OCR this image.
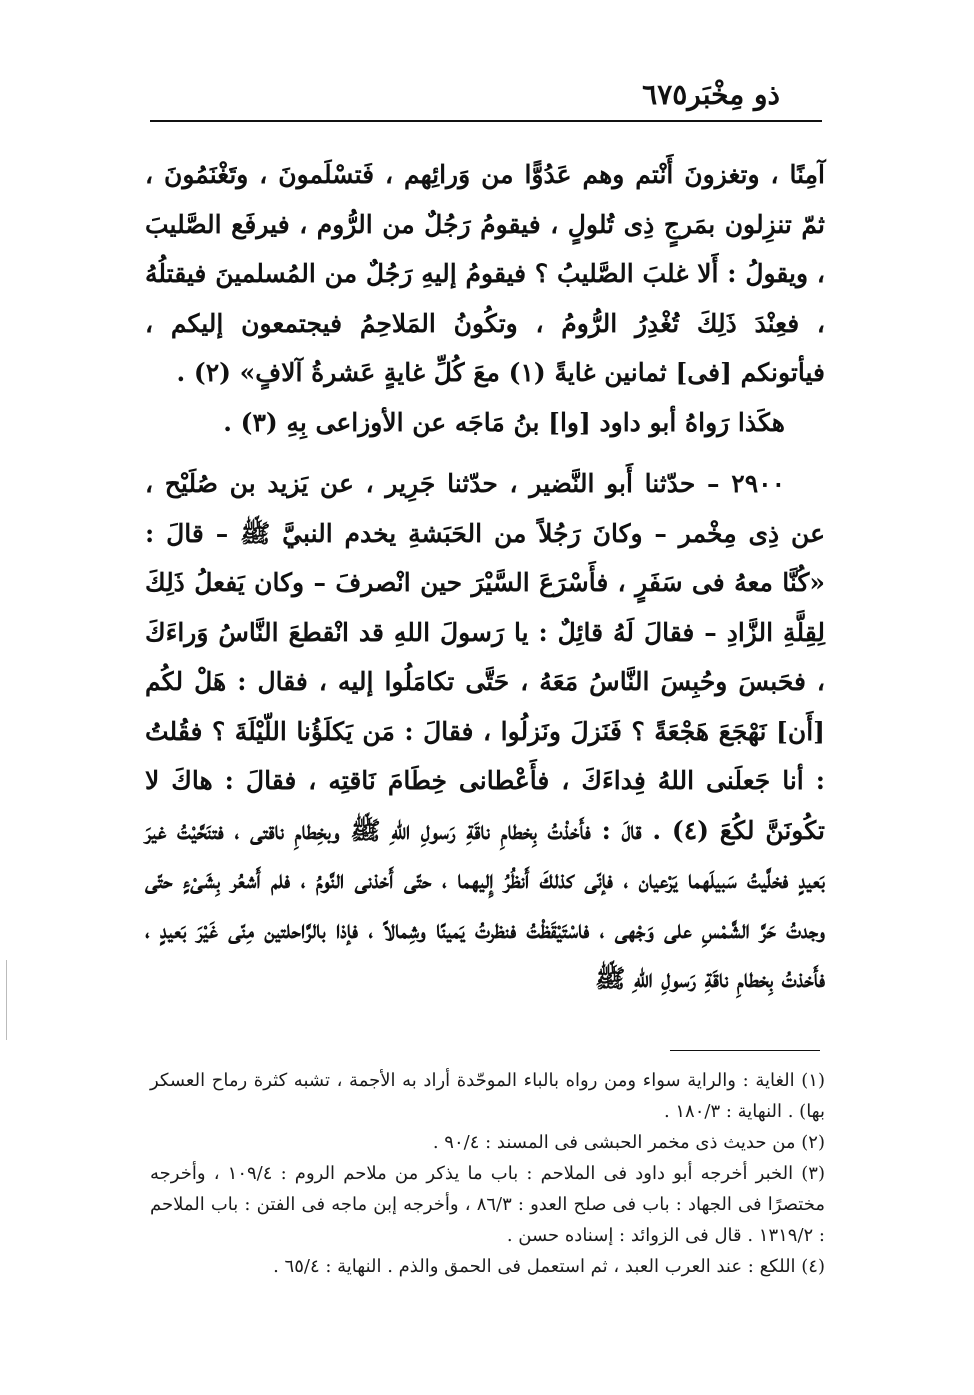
ذو مِخْبَر
٦٧٥

آمِنًا ، وتغزونَ أَنْتم وهم عَدُوًّا من وَرائِهم ، فَتسْلَمونَ ، وتَغْنَمُونَ ، ثمّ تنزِلون بمَرجٍ ذِى تُلولٍ ، فيقومُ رَجُلٌ من الرُّوم ، فيرفَع الصَّليبَ ، ويقولُ : أَلا غلبَ الصَّليبُ ؟ فيقومُ إليهِ رَجُلٌ من المُسلمينَ فيقتلُهُ ، فعِنْدَ ذَلِكَ تُغْدِرُ الرُّومُ ، وتكُونُ المَلاحِمُ فيجتمعون إليكم ، فيأتونكم [فى] ثمانين غايةً (١) معَ كُلِّ غايةٍ عَشرةُ آلافٍ» (٢) .

هكَذا رَواهُ أبو داود [وا] بنُ مَاجَه عن الأوزاعى بِهِ (٣) .

٢٩٠٠ – حدّثنا أَبو النَّضير ، حدّثنا جَرِير ، عن يَزيد بن صُلَيْح ، عن ذِى مِخْمر – وكانَ رَجُلاً من الحَبَشةِ يخدم النبيَّ ﷺ – قالَ : «كُنَّا معهُ فى سَفَرٍ ، فأَسْرَعَ السَّيْرَ حين انْصرفَ – وكان يَفعلُ ذَلِكَ لِقِلَّةِ الزَّادِ – فقالَ لَهُ قائِلٌ : يا رَسولَ اللهِ قد انْقطعَ النَّاسُ وَراءَكَ ، فحَبسَ وحُبِسَ النَّاسُ مَعَهُ ، حَتَّى تكامَلُوا إليه ، فقال : هَلْ لكُم [أَن] نَهْجَعَ هَجْعَةً ؟ فَنَزلَ ونَزلُوا ، فقالَ : مَن يَكلَؤُنا اللّيْلَةَ ؟ فقُلتُ : أنا جَعلَنى اللهُ فِداءَكَ ، فأَعْطانى خِطَامَ نَاقتِه ، فقالَ : هاكَ لا تكُونَنَّ لكُعَ (٤) . قالَ : فأَخذْتُ بِخطامِ ناقَةِ رَسولِ اللهِ ﷺ وبخِطامِ ناقتى ، فتنَحَّيْتُ غيرَ بَعيدٍ فخلَّيتُ سَبيلَهما يَرْعيان ، فإنّى كذلكَ أَنظُرُ إِليهما ، حتّى أَخذنى النَّومُ ، فلم أَشعُر بِشَىْءٍ حتّى وجدتُ حَرَّ الشَّمْسِ على وَجْهى ، فاسْتَيْقَظْتُ فنظرتُ يَمينًا وشِمالاً ، فإذا بالرَّاحلتين مِنّى غَيْرَ بَعيدٍ ، فأَخذتُ بِخطامِ ناقَةِ رَسولِ اللهِ ﷺ

(١) الغاية : والراية سواء ومن رواه بالباء الموحّدة أراد به الأجمة ، تشبه كثرة رماح العسكر بها) . النهاية : ١٨٠/٣ .

(٢) من حديث ذى مخمر الحبشى فى المسند : ٩٠/٤ .

(٣) الخبر أخرجه أبو داود فى الملاحم : باب ما يذكر من ملاحم الروم : ١٠٩/٤ ، وأخرجه مختصرًا فى الجهاد : باب فى صلح العدو : ٨٦/٣ ، وأخرجه إبن ماجه فى الفتن : باب الملاحم : ١٣١٩/٢ . قال فى الزوائد : إسناده حسن .

(٤) اللكع : عند العرب العبد ، ثم استعمل فى الحمق والذم . النهاية : ٦٥/٤ .
